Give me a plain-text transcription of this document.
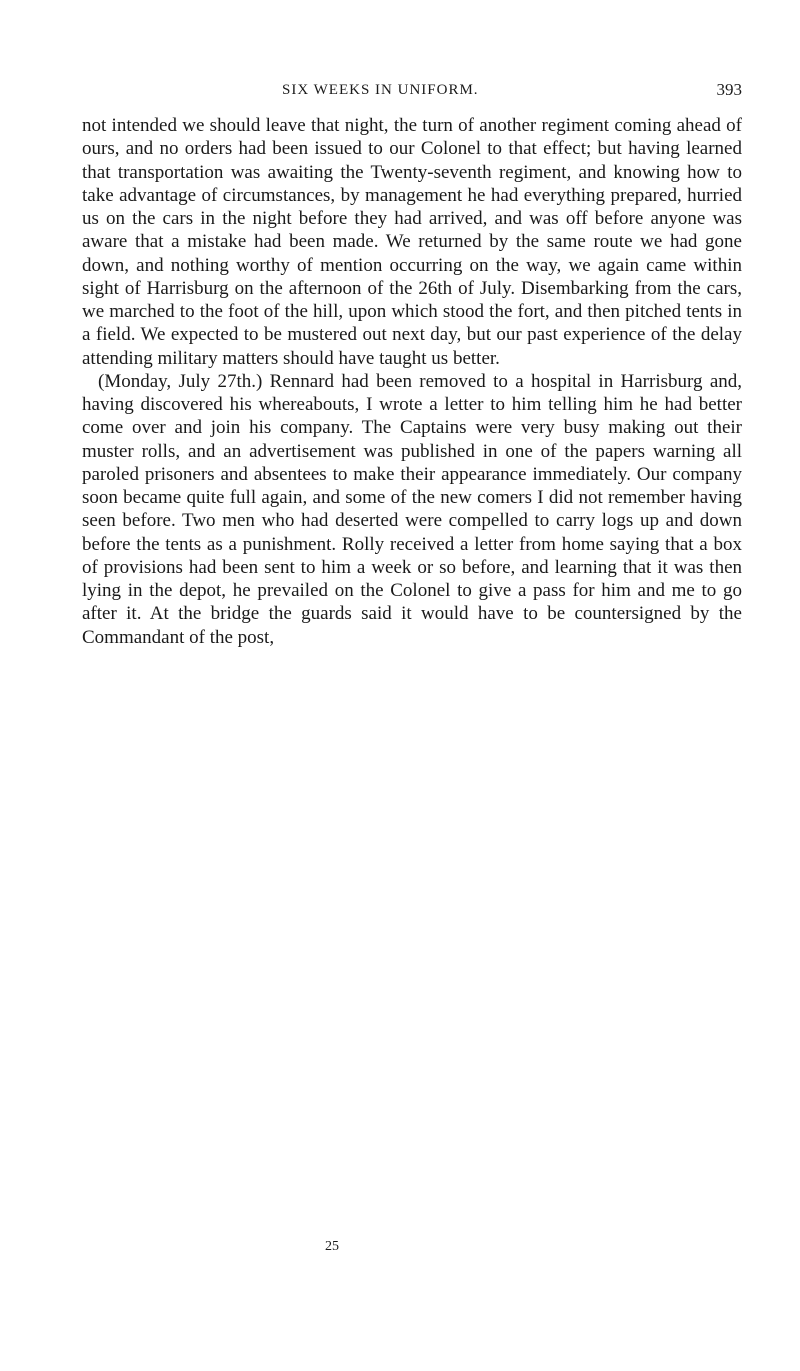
SIX WEEKS IN UNIFORM.	393

not intended we should leave that night, the turn of another regiment coming ahead of ours, and no orders had been issued to our Colonel to that effect; but having learned that transportation was awaiting the Twenty-seventh regiment, and knowing how to take advantage of circumstances, by management he had everything prepared, hurried us on the cars in the night before they had arrived, and was off before anyone was aware that a mistake had been made. We returned by the same route we had gone down, and nothing worthy of mention occurring on the way, we again came within sight of Harrisburg on the afternoon of the 26th of July. Disembarking from the cars, we marched to the foot of the hill, upon which stood the fort, and then pitched tents in a field. We expected to be mustered out next day, but our past experience of the delay attending military matters should have taught us better.

(Monday, July 27th.) Rennard had been removed to a hospital in Harrisburg and, having discovered his whereabouts, I wrote a letter to him telling him he had better come over and join his company. The Captains were very busy making out their muster rolls, and an advertisement was published in one of the papers warning all paroled prisoners and absentees to make their appearance immediately. Our company soon became quite full again, and some of the new comers I did not remember having seen before. Two men who had deserted were compelled to carry logs up and down before the tents as a punishment. Rolly received a letter from home saying that a box of provisions had been sent to him a week or so before, and learning that it was then lying in the depot, he prevailed on the Colonel to give a pass for him and me to go after it. At the bridge the guards said it would have to be countersigned by the Commandant of the post,

25
